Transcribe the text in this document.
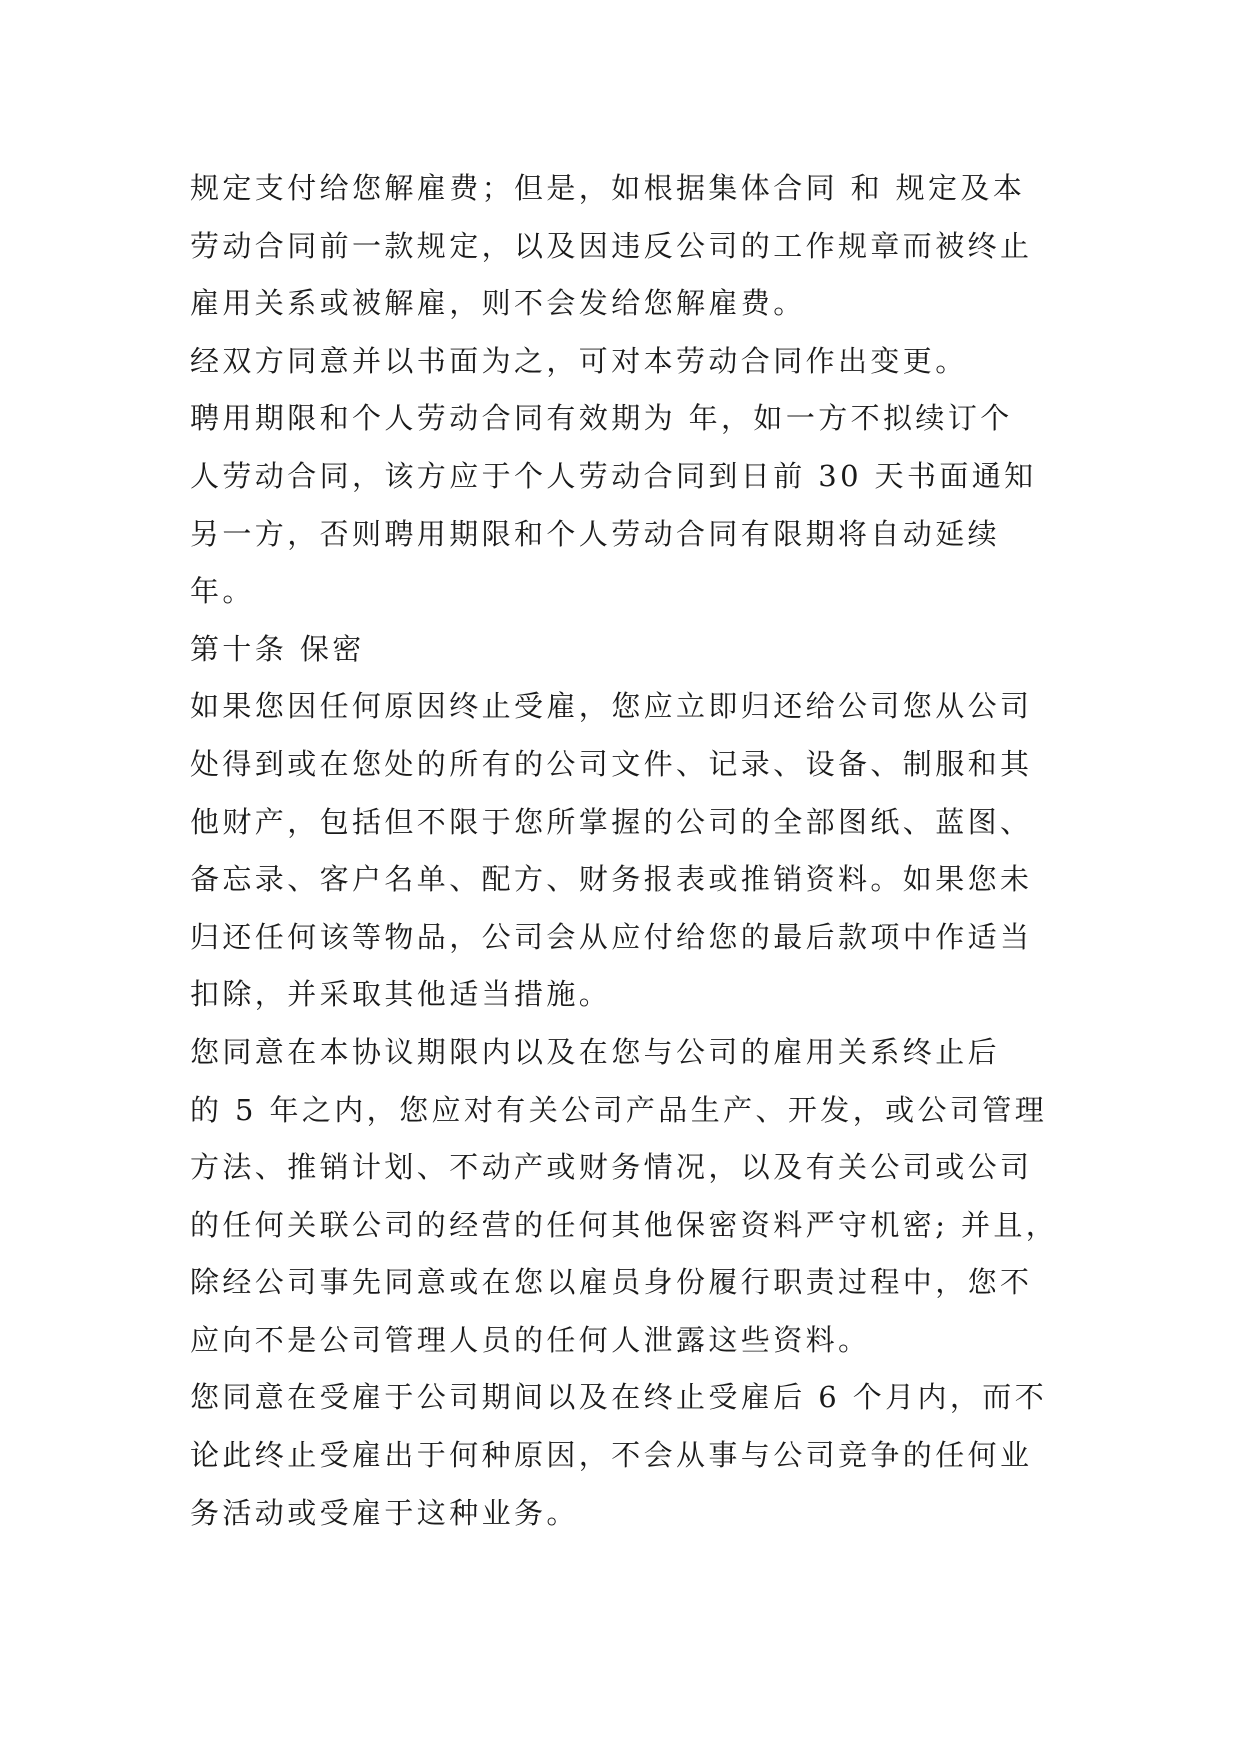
规定支付给您解雇费；但是，如根据集体合同 和 规定及本
劳动合同前一款规定，以及因违反公司的工作规章而被终止
雇用关系或被解雇，则不会发给您解雇费。
经双方同意并以书面为之，可对本劳动合同作出变更。
聘用期限和个人劳动合同有效期为 年，如一方不拟续订个
人劳动合同，该方应于个人劳动合同到日前 30 天书面通知
另一方，否则聘用期限和个人劳动合同有限期将自动延续
年。
第十条 保密
如果您因任何原因终止受雇，您应立即归还给公司您从公司
处得到或在您处的所有的公司文件、记录、设备、制服和其
他财产，包括但不限于您所掌握的公司的全部图纸、蓝图、
备忘录、客户名单、配方、财务报表或推销资料。如果您未
归还任何该等物品，公司会从应付给您的最后款项中作适当
扣除，并采取其他适当措施。
您同意在本协议期限内以及在您与公司的雇用关系终止后
的 5 年之内，您应对有关公司产品生产、开发，或公司管理
方法、推销计划、不动产或财务情况，以及有关公司或公司
的任何关联公司的经营的任何其他保密资料严守机密; 并且，
除经公司事先同意或在您以雇员身份履行职责过程中，您不
应向不是公司管理人员的任何人泄露这些资料。
您同意在受雇于公司期间以及在终止受雇后 6 个月内，而不
论此终止受雇出于何种原因，不会从事与公司竞争的任何业
务活动或受雇于这种业务。
